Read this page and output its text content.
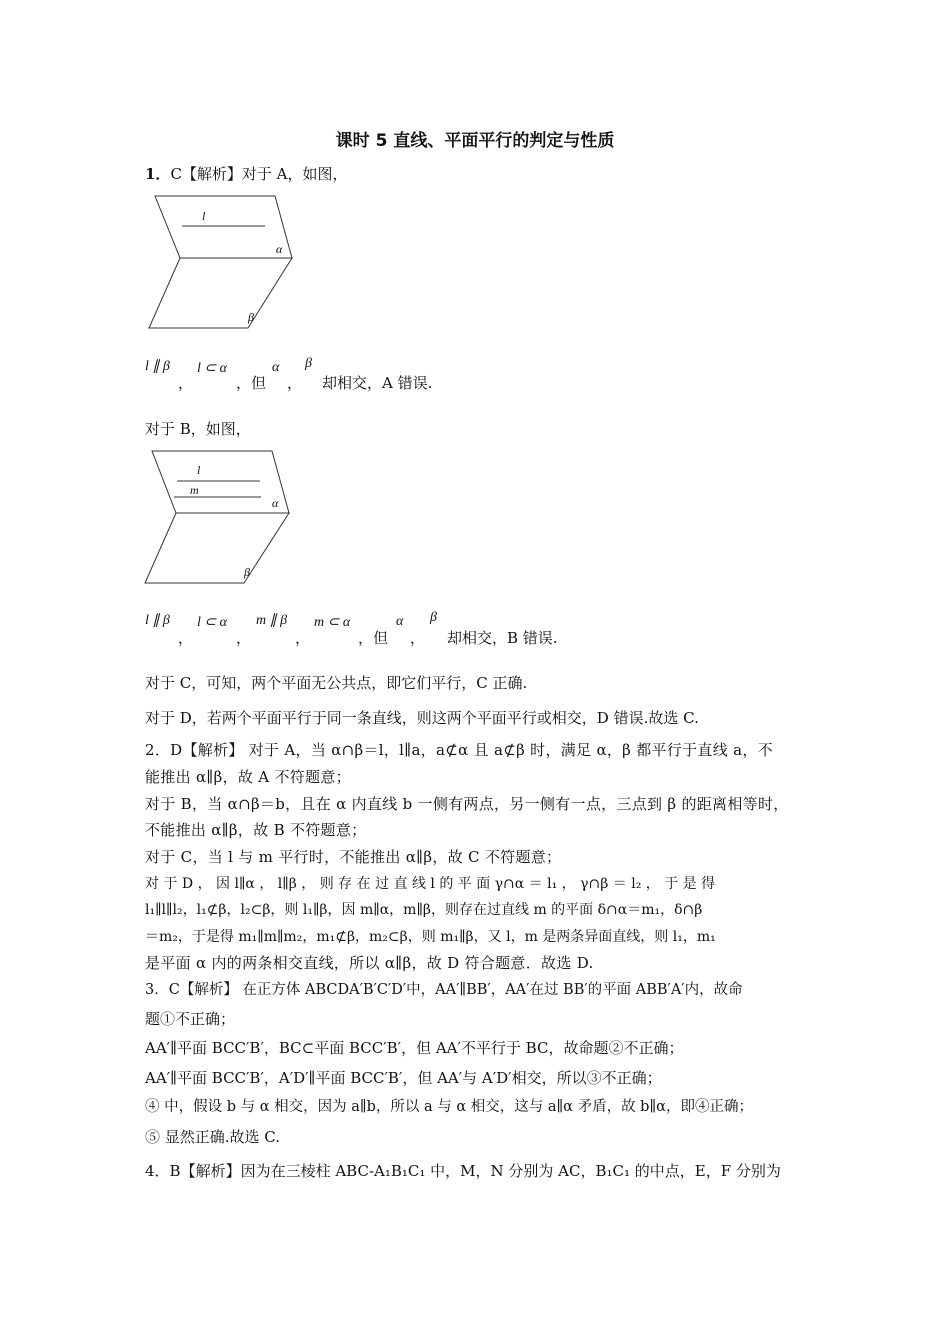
课时 5 直线、平面平行的判定与性质
1．C【解析】对于 A，如图，
l
α
β
l ∥ β
，
l ⊂ α
，但
α
，
β
却相交，A 错误.
对于 B，如图，
l
m
α
β
l ∥ β
，
l ⊂ α
，
m ∥ β
，
m ⊂ α
，但
α
，
β
却相交，B 错误.
对于 C，可知，两个平面无公共点，即它们平行，C 正确.
对于 D，若两个平面平行于同一条直线，则这两个平面平行或相交，D 错误.故选 C.
2．D【解析】 对于 A，当 α∩β＝l，l∥a，a⊄α 且 a⊄β 时，满足 α，β 都平行于直线 a，不
能推出 α∥β，故 A 不符题意；
对于 B，当 α∩β＝b，且在 α 内直线 b 一侧有两点，另一侧有一点，三点到 β 的距离相等时，
不能推出 α∥β，故 B 不符题意；
对于 C，当 l 与 m 平行时，不能推出 α∥β，故 C 不符题意；
对 于 D ， 因 l∥α ， l∥β ， 则 存 在 过 直 线 l 的 平 面 γ∩α ＝ l₁ ， γ∩β ＝ l₂ ， 于 是 得
l₁∥l∥l₂，l₁⊄β，l₂⊂β，则 l₁∥β，因 m∥α，m∥β，则存在过直线 m 的平面 δ∩α＝m₁，δ∩β
＝m₂，于是得 m₁∥m∥m₂，m₁⊄β，m₂⊂β，则 m₁∥β，又 l，m 是两条异面直线，则 l₁，m₁
是平面 α 内的两条相交直线，所以 α∥β，故 D 符合题意．故选 D.
3．C【解析】 在正方体 ABCDA′B′C′D′中，AA′∥BB′，AA′在过 BB′的平面 ABB′A′内，故命
题①不正确；
AA′∥平面 BCC′B′，BC⊂平面 BCC′B′，但 AA′不平行于 BC，故命题②不正确；
AA′∥平面 BCC′B′，A′D′∥平面 BCC′B′，但 AA′与 A′D′相交，所以③不正确；
④ 中，假设 b 与 α 相交，因为 a∥b，所以 a 与 α 相交，这与 a∥α 矛盾，故 b∥α，即④正确；
⑤ 显然正确.故选 C.
4．B【解析】因为在三棱柱 ABC-A₁B₁C₁ 中，M，N 分别为 AC，B₁C₁ 的中点，E，F 分别为
